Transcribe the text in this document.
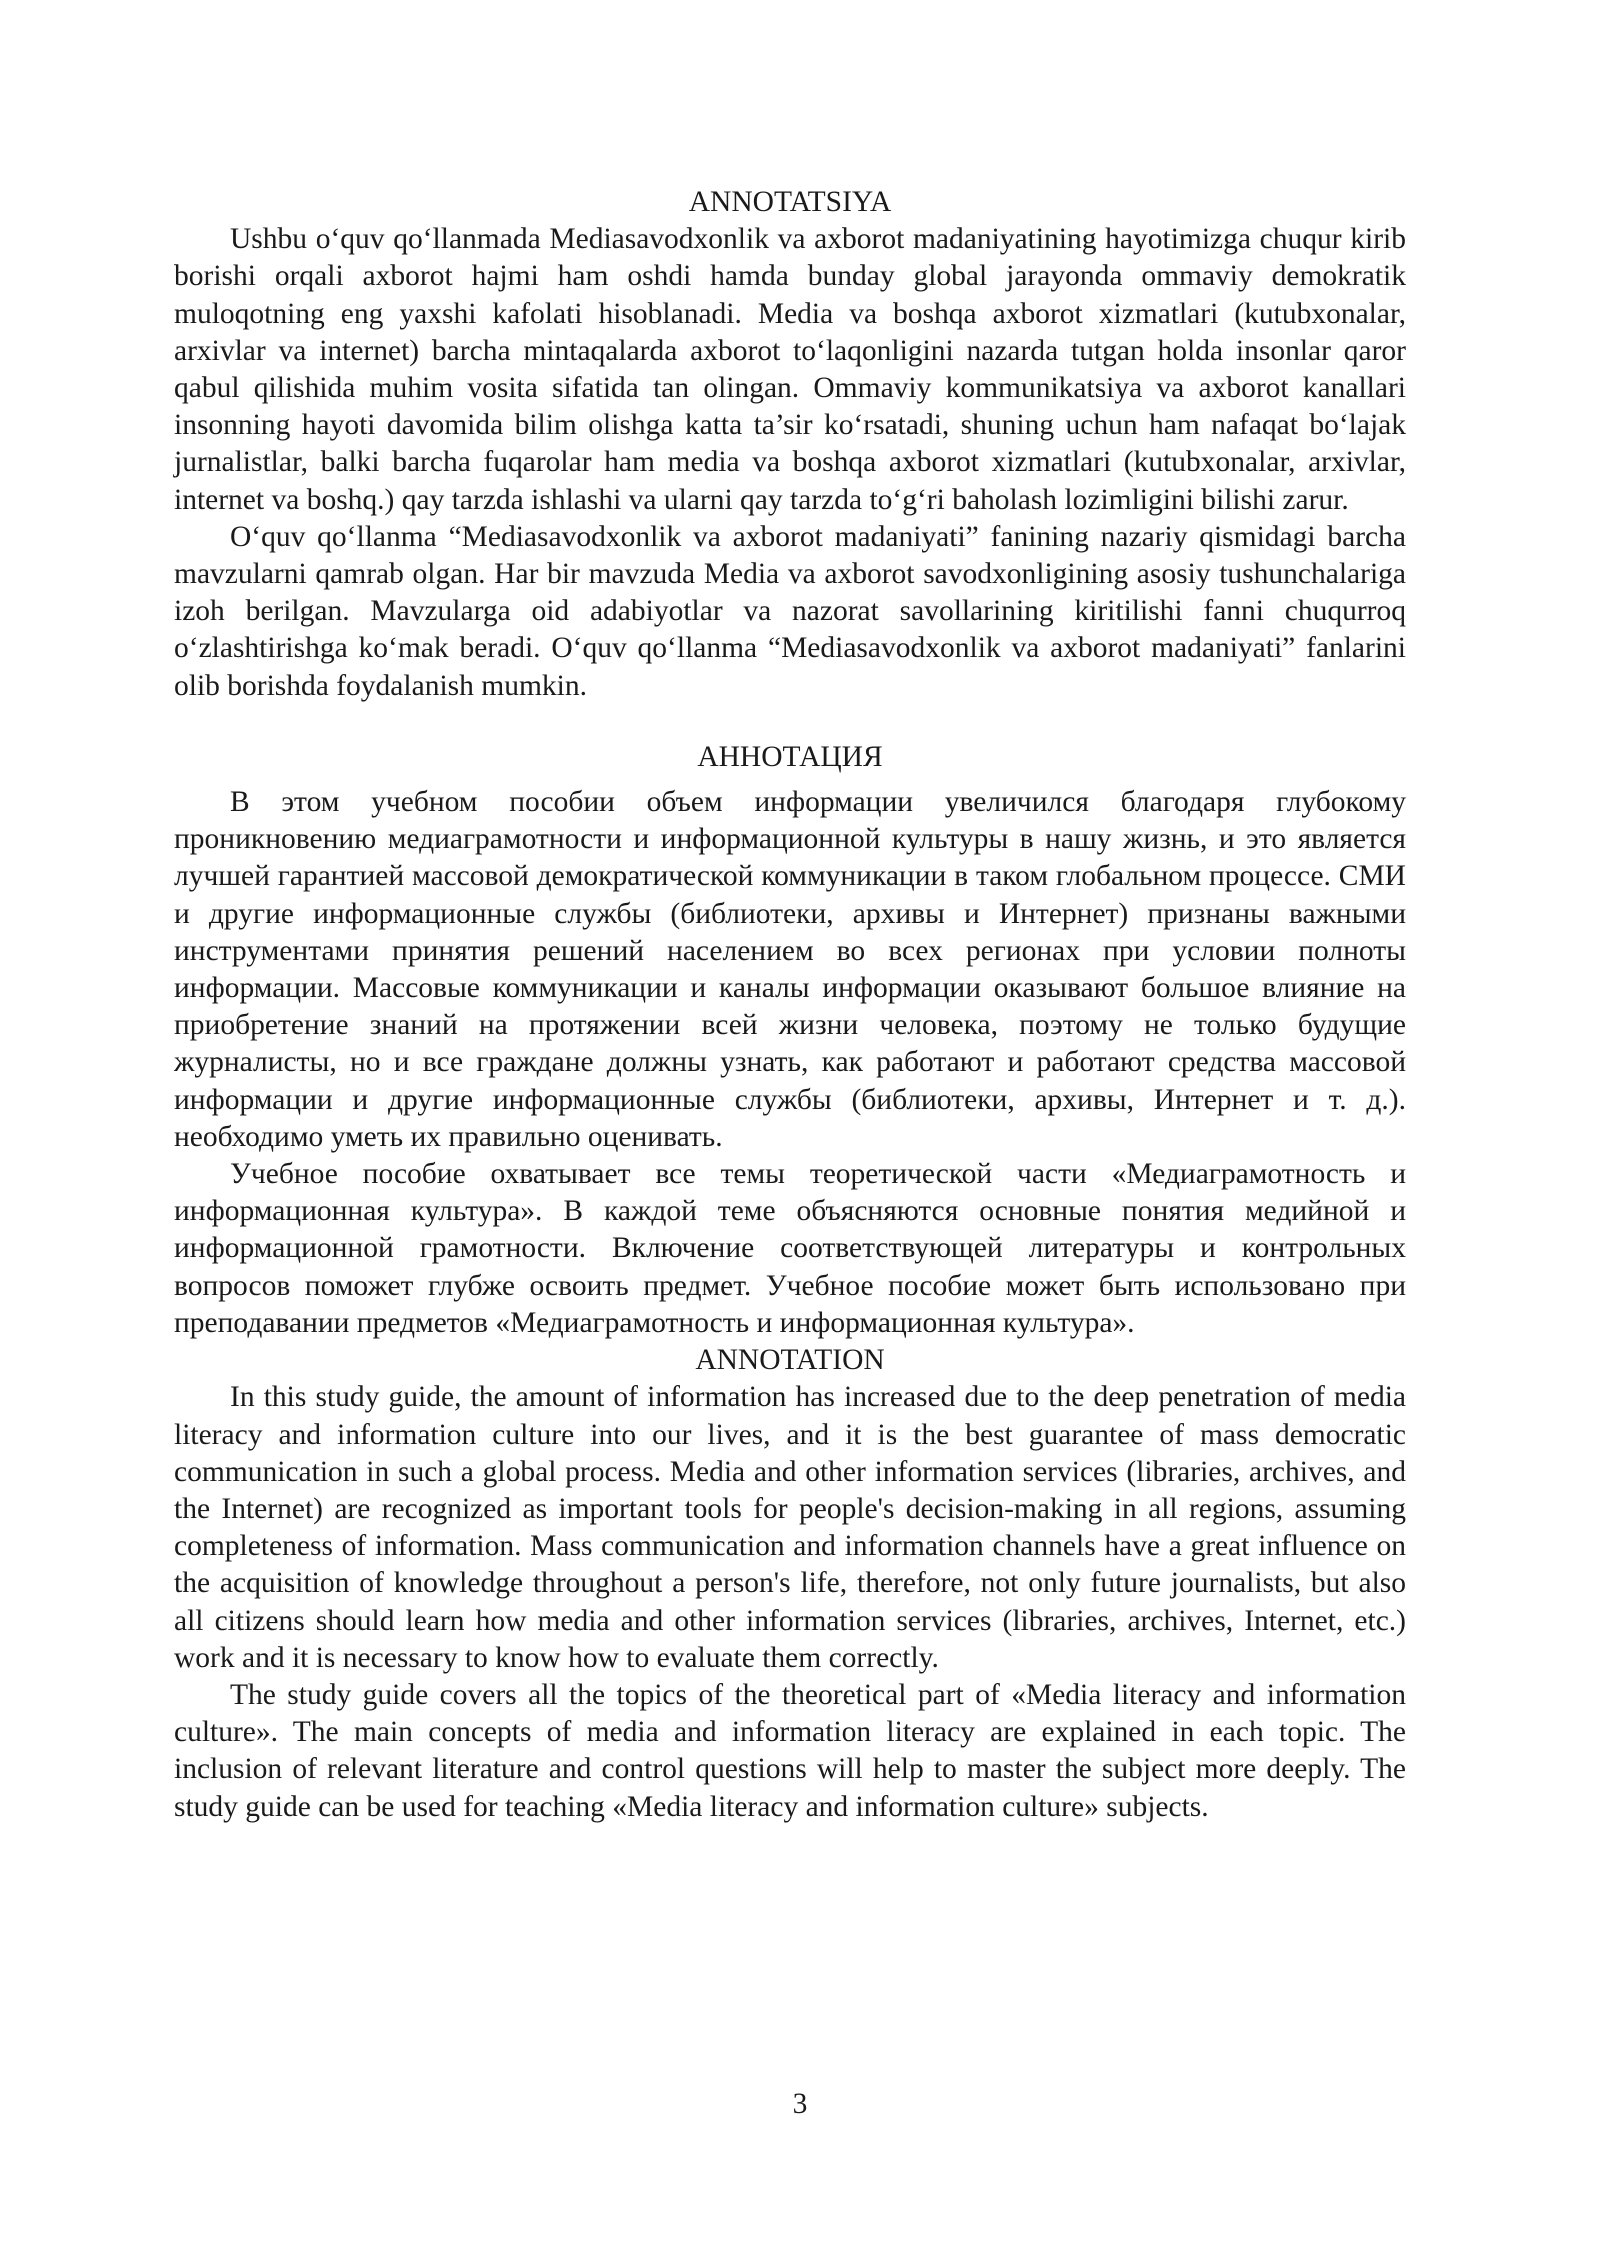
ANNOTATSIYA

Ushbu o‘quv qo‘llanmada Mediasavodxonlik va axborot madaniyatining hayotimizga chuqur kirib borishi orqali axborot hajmi ham oshdi hamda bunday global jarayonda ommaviy demokratik muloqotning eng yaxshi kafolati hisoblanadi. Media va boshqa axborot xizmatlari (kutubxonalar, arxivlar va internet) barcha mintaqalarda axborot to‘laqonligini nazarda tutgan holda insonlar qaror qabul qilishida muhim vosita sifatida tan olingan. Ommaviy kommunikatsiya va axborot kanallari insonning hayoti davomida bilim olishga katta ta’sir ko‘rsatadi, shuning uchun ham nafaqat bo‘lajak jurnalistlar, balki barcha fuqarolar ham media va boshqa axborot xizmatlari (kutubxonalar, arxivlar, internet va boshq.) qay tarzda ishlashi va ularni qay tarzda to‘g‘ri baholash lozimligini bilishi zarur.

O‘quv qo‘llanma “Mediasavodxonlik va axborot madaniyati” fanining nazariy qismidagi barcha mavzularni qamrab olgan. Har bir mavzuda Media va axborot savodxonligining asosiy tushunchalariga izoh berilgan. Mavzularga oid adabiyotlar va nazorat savollarining kiritilishi fanni chuqurroq o‘zlashtirishga ko‘mak beradi. O‘quv qo‘llanma “Mediasavodxonlik va axborot madaniyati” fanlarini olib borishda foydalanish mumkin.

АННОТАЦИЯ

В этом учебном пособии объем информации увеличился благодаря глубокому проникновению медиаграмотности и информационной культуры в нашу жизнь, и это является лучшей гарантией массовой демократической коммуникации в таком глобальном процессе. СМИ и другие информационные службы (библиотеки, архивы и Интернет) признаны важными инструментами принятия решений населением во всех регионах при условии полноты информации. Массовые коммуникации и каналы информации оказывают большое влияние на приобретение знаний на протяжении всей жизни человека, поэтому не только будущие журналисты, но и все граждане должны узнать, как работают и работают средства массовой информации и другие информационные службы (библиотеки, архивы, Интернет и т. д.). необходимо уметь их правильно оценивать.

Учебное пособие охватывает все темы теоретической части «Медиаграмотность и информационная культура». В каждой теме объясняются основные понятия медийной и информационной грамотности. Включение соответствующей литературы и контрольных вопросов поможет глубже освоить предмет. Учебное пособие может быть использовано при преподавании предметов «Медиаграмотность и информационная культура».

ANNOTATION

In this study guide, the amount of information has increased due to the deep penetration of media literacy and information culture into our lives, and it is the best guarantee of mass democratic communication in such a global process. Media and other information services (libraries, archives, and the Internet) are recognized as important tools for people's decision-making in all regions, assuming completeness of information. Mass communication and information channels have a great influence on the acquisition of knowledge throughout a person's life, therefore, not only future journalists, but also all citizens should learn how media and other information services (libraries, archives, Internet, etc.) work and it is necessary to know how to evaluate them correctly.

The study guide covers all the topics of the theoretical part of «Media literacy and information culture». The main concepts of media and information literacy are explained in each topic. The inclusion of relevant literature and control questions will help to master the subject more deeply. The study guide can be used for teaching «Media literacy and information culture» subjects.

3
